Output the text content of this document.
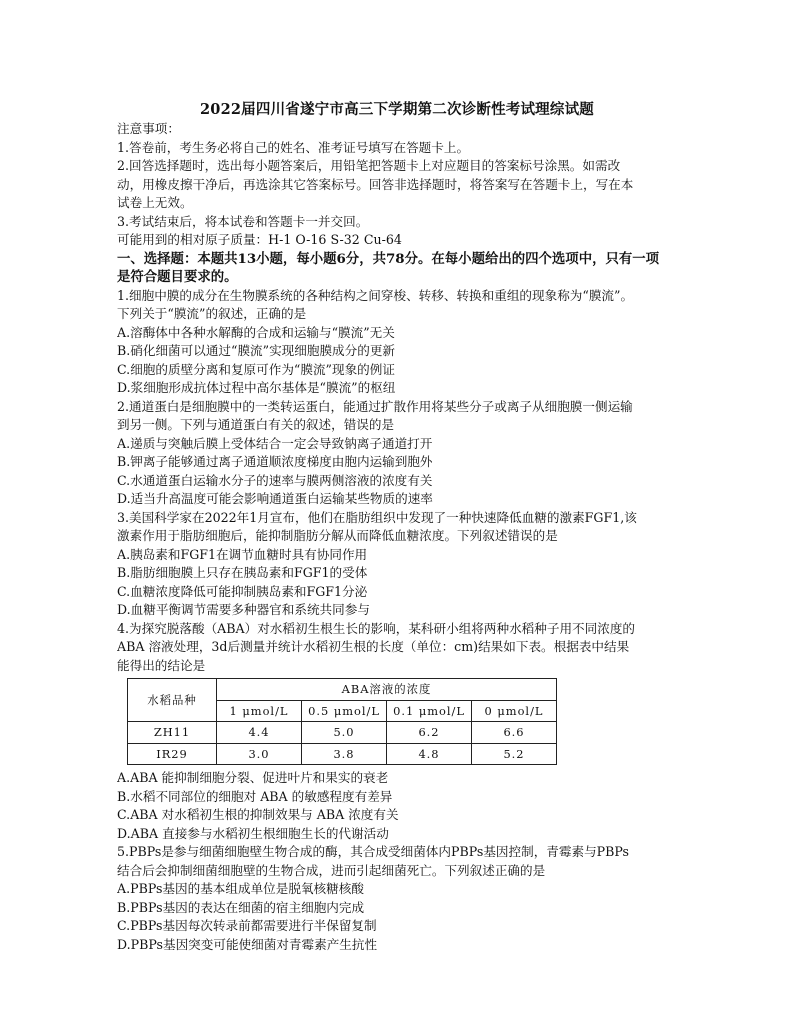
2022届四川省遂宁市高三下学期第二次诊断性考试理综试题
注意事项：
1.答卷前，考生务必将自己的姓名、准考证号填写在答题卡上。
2.回答选择题时，选出每小题答案后，用铅笔把答题卡上对应题目的答案标号涂黑。如需改
动，用橡皮擦干净后，再选涂其它答案标号。回答非选择题时，将答案写在答题卡上，写在本
试卷上无效。
3.考试结束后，将本试卷和答题卡一并交回。
可能用到的相对原子质量：H-1 O-16 S-32 Cu-64
一、选择题：本题共13小题，每小题6分，共78分。在每小题给出的四个选项中，只有一项
是符合题目要求的。
1.细胞中膜的成分在生物膜系统的各种结构之间穿梭、转移、转换和重组的现象称为“膜流”。
下列关于“膜流”的叙述，正确的是
A.溶酶体中各种水解酶的合成和运输与“膜流”无关
B.硝化细菌可以通过“膜流”实现细胞膜成分的更新
C.细胞的质壁分离和复原可作为“膜流”现象的例证
D.浆细胞形成抗体过程中高尔基体是“膜流”的枢纽
2.通道蛋白是细胞膜中的一类转运蛋白，能通过扩散作用将某些分子或离子从细胞膜一侧运输
到另一侧。下列与通道蛋白有关的叙述，错误的是
A.递质与突触后膜上受体结合一定会导致钠离子通道打开
B.钾离子能够通过离子通道顺浓度梯度由胞内运输到胞外
C.水通道蛋白运输水分子的速率与膜两侧溶液的浓度有关
D.适当升高温度可能会影响通道蛋白运输某些物质的速率
3.美国科学家在2022年1月宣布，他们在脂肪组织中发现了一种快速降低血糖的激素FGF1,该
激素作用于脂肪细胞后，能抑制脂肪分解从而降低血糖浓度。下列叙述错误的是
A.胰岛素和FGF1在调节血糖时具有协同作用
B.脂肪细胞膜上只存在胰岛素和FGF1的受体
C.血糖浓度降低可能抑制胰岛素和FGF1分泌
D.血糖平衡调节需要多种器官和系统共同参与
4.为探究脱落酸（ABA）对水稻初生根生长的影响，某科研小组将两种水稻种子用不同浓度的
ABA 溶液处理，3d后测量并统计水稻初生根的长度（单位：cm)结果如下表。根据表中结果
能得出的结论是
水稻品种	ABA溶液的浓度			
	1 μmol/L	0.5 μmol/L	0.1 μmol/L	0 μmol/L
ZH11	4.4	5.0	6.2	6.6
IR29	3.0	3.8	4.8	5.2
A.ABA 能抑制细胞分裂、促进叶片和果实的衰老
B.水稻不同部位的细胞对 ABA 的敏感程度有差异
C.ABA 对水稻初生根的抑制效果与 ABA 浓度有关
D.ABA 直接参与水稻初生根细胞生长的代谢活动
5.PBPs是参与细菌细胞壁生物合成的酶，其合成受细菌体内PBPs基因控制，青霉素与PBPs
结合后会抑制细菌细胞壁的生物合成，进而引起细菌死亡。下列叙述正确的是
A.PBPs基因的基本组成单位是脱氧核糖核酸
B.PBPs基因的表达在细菌的宿主细胞内完成
C.PBPs基因每次转录前都需要进行半保留复制
D.PBPs基因突变可能使细菌对青霉素产生抗性
